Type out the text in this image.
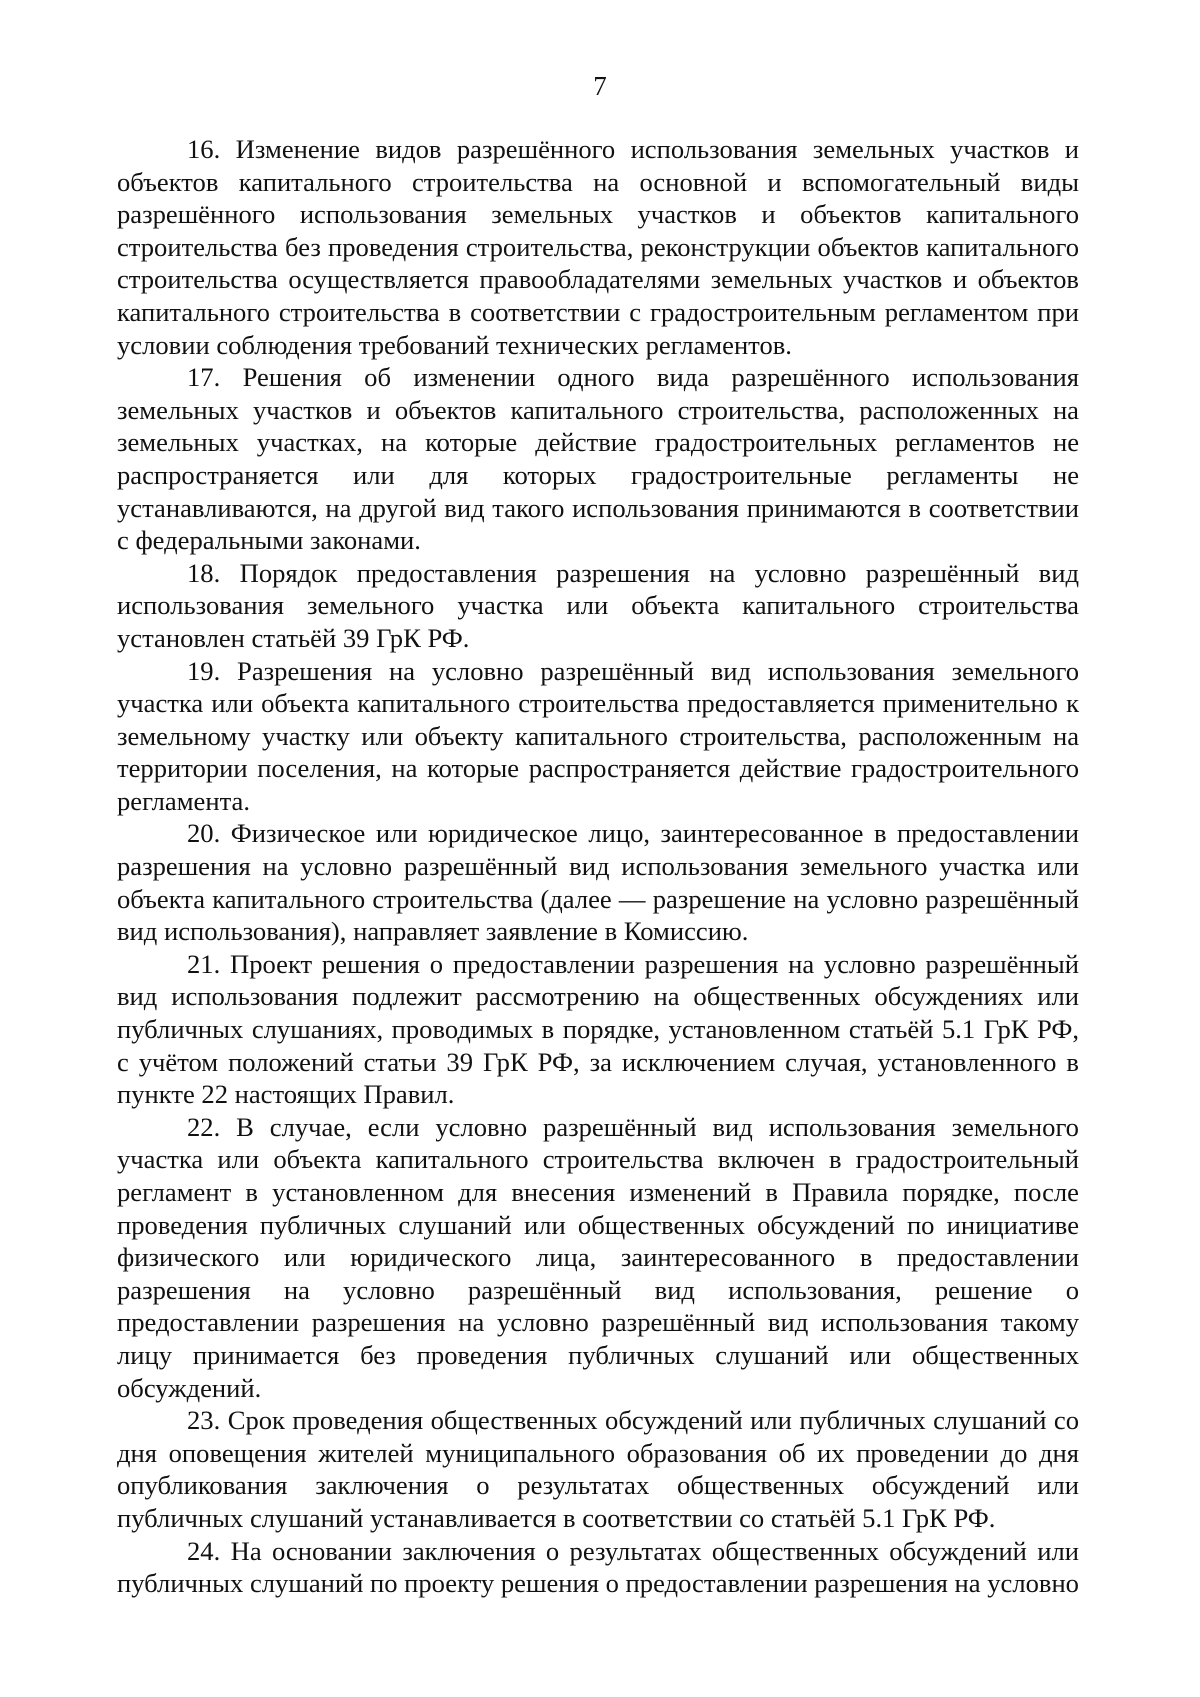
7

16. Изменение видов разрешённого использования земельных участков и объектов капитального строительства на основной и вспомогательный виды разрешённого использования земельных участков и объектов капитального строительства без проведения строительства, реконструкции объектов капитального строительства осуществляется правообладателями земельных участков и объектов капитального строительства в соответствии с градостроительным регламентом при условии соблюдения требований технических регламентов.

17. Решения об изменении одного вида разрешённого использования земельных участков и объектов капитального строительства, расположенных на земельных участках, на которые действие градостроительных регламентов не распространяется или для которых градостроительные регламенты не устанавливаются, на другой вид такого использования принимаются в соответствии с федеральными законами.

18. Порядок предоставления разрешения на условно разрешённый вид использования земельного участка или объекта капитального строительства установлен статьёй 39 ГрК РФ.

19. Разрешения на условно разрешённый вид использования земельного участка или объекта капитального строительства предоставляется применительно к земельному участку или объекту капитального строительства, расположенным на территории поселения, на которые распространяется действие градостроительного регламента.

20. Физическое или юридическое лицо, заинтересованное в предоставлении разрешения на условно разрешённый вид использования земельного участка или объекта капитального строительства (далее — разрешение на условно разрешённый вид использования), направляет заявление в Комиссию.

21. Проект решения о предоставлении разрешения на условно разрешённый вид использования подлежит рассмотрению на общественных обсуждениях или публичных слушаниях, проводимых в порядке, установленном статьёй 5.1 ГрК РФ, с учётом положений статьи 39 ГрК РФ, за исключением случая, установленного в пункте 22 настоящих Правил.

22. В случае, если условно разрешённый вид использования земельного участка или объекта капитального строительства включен в градостроительный регламент в установленном для внесения изменений в Правила порядке, после проведения публичных слушаний или общественных обсуждений по инициативе физического или юридического лица, заинтересованного в предоставлении разрешения на условно разрешённый вид использования, решение о предоставлении разрешения на условно разрешённый вид использования такому лицу принимается без проведения публичных слушаний или общественных обсуждений.

23. Срок проведения общественных обсуждений или публичных слушаний со дня оповещения жителей муниципального образования об их проведении до дня опубликования заключения о результатах общественных обсуждений или публичных слушаний устанавливается в соответствии со статьёй 5.1 ГрК РФ.

24. На основании заключения о результатах общественных обсуждений или публичных слушаний по проекту решения о предоставлении разрешения на условно
